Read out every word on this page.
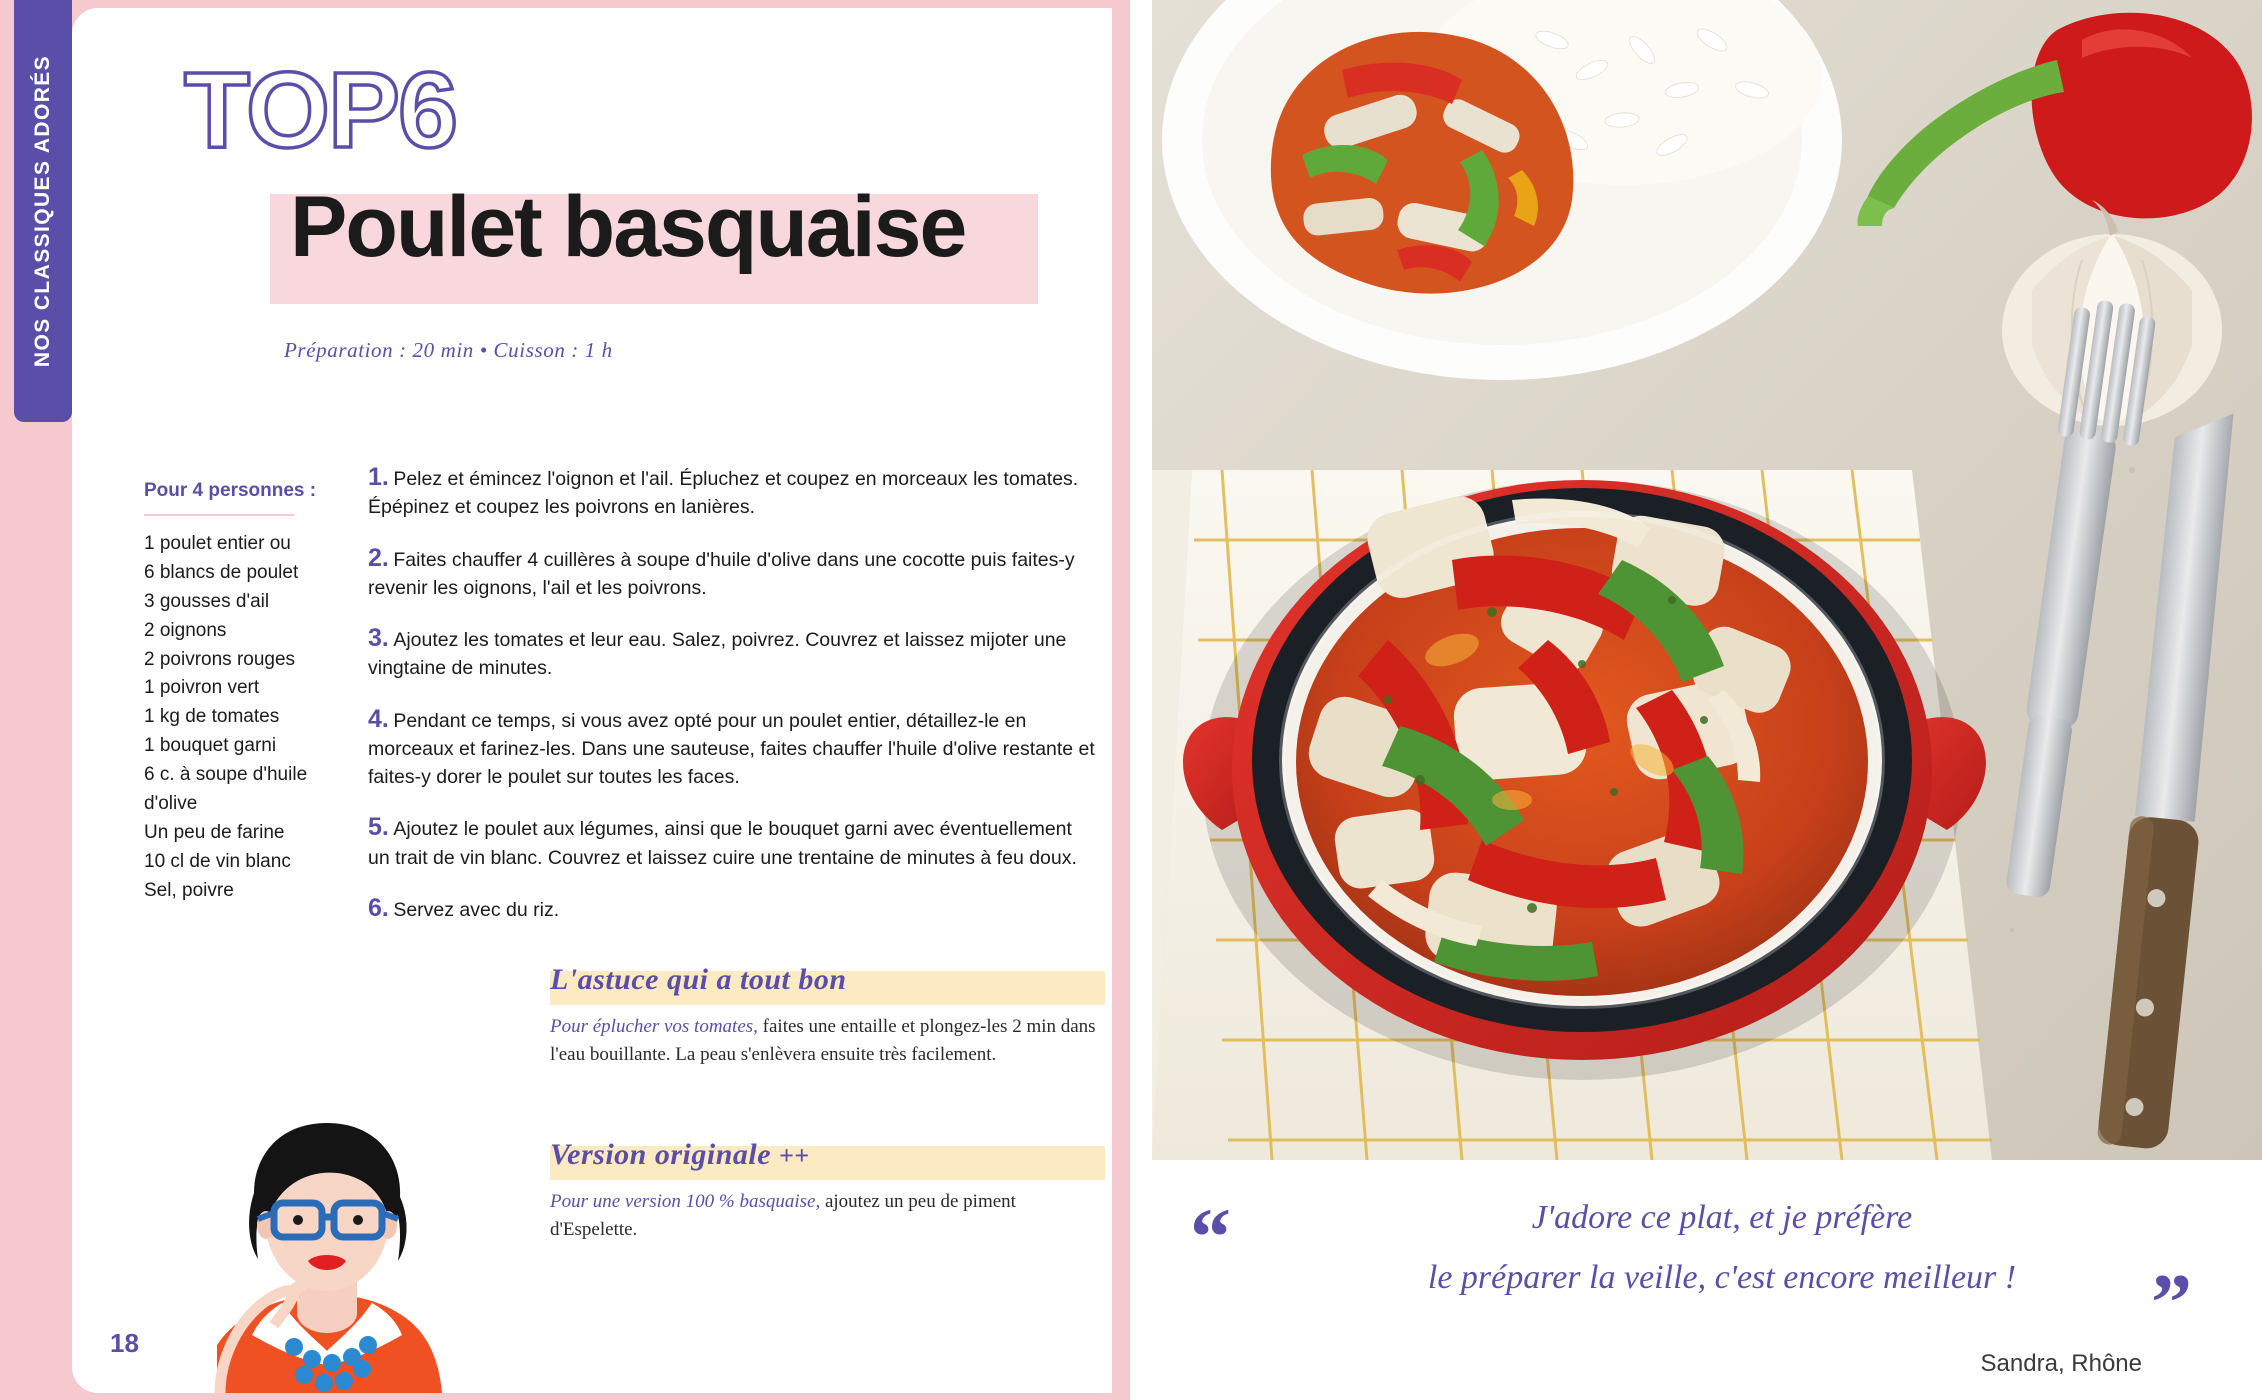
NOS CLASSIQUES ADORÉS TOP6
Poulet basquaise
Préparation : 20 min • Cuisson : 1 h
Pour 4 personnes :
1 poulet entier ou
6 blancs de poulet
3 gousses d'ail
2 oignons
2 poivrons rouges
1 poivron vert
1 kg de tomates
1 bouquet garni
6 c. à soupe d'huile
d'olive
Un peu de farine
10 cl de vin blanc
Sel, poivre
1. Pelez et émincez l'oignon et l'ail. Épluchez et coupez en morceaux les tomates. Épépinez et coupez les poivrons en lanières.
2. Faites chauffer 4 cuillères à soupe d'huile d'olive dans une cocotte puis faites-y revenir les oignons, l'ail et les poivrons.
3. Ajoutez les tomates et leur eau. Salez, poivrez. Couvrez et laissez mijoter une vingtaine de minutes.
4. Pendant ce temps, si vous avez opté pour un poulet entier, détaillez-le en morceaux et farinez-les. Dans une sauteuse, faites chauffer l'huile d'olive restante et faites-y dorer le poulet sur toutes les faces.
5. Ajoutez le poulet aux légumes, ainsi que le bouquet garni avec éventuellement un trait de vin blanc. Couvrez et laissez cuire une trentaine de minutes à feu doux.
6. Servez avec du riz.
L'astuce qui a tout bon
Pour éplucher vos tomates, faites une entaille et plongez-les 2 min dans l'eau bouillante. La peau s'enlèvera ensuite très facilement.
Version originale ++
Pour une version 100 % basquaise, ajoutez un peu de piment d'Espelette.
18
“	J'adore ce plat, et je préfère
le préparer la veille, c'est encore meilleur !	”
Sandra, Rhône
